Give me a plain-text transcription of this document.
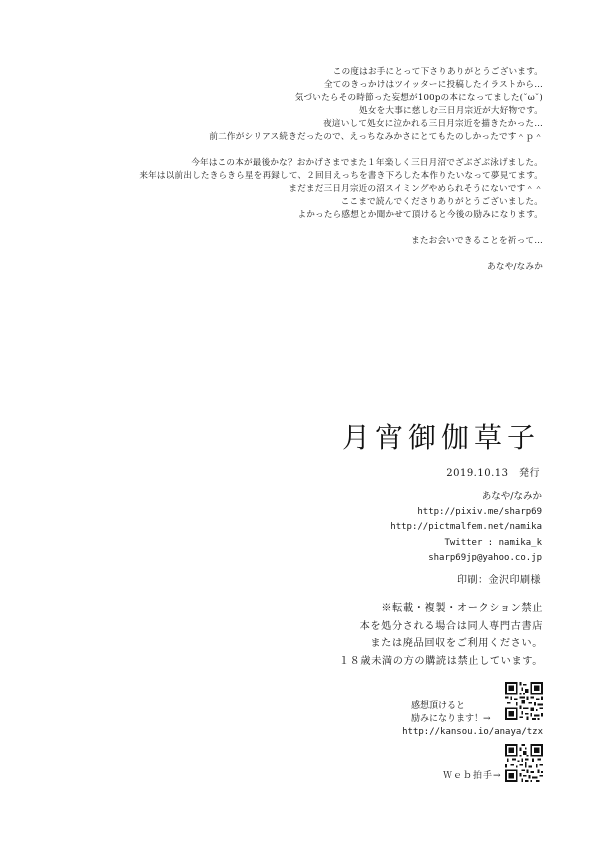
この度はお手にとって下さりありがとうございます。
全てのきっかけはツイッターに投稿したイラストから…
気づいたらその時節った妄想が100pの本になってました(˘ω˘)
処女を大事に慈しむ三日月宗近が大好物です。
夜這いして処女に泣かれる三日月宗近を描きたかった…
前二作がシリアス続きだったので、えっちなみかさにとてもたのしかったです＾ｐ＾
今年はこの本が最後かな？おかげさまでまた１年楽しく三日月沼でざぶざぶ泳げました。
来年は以前出したきらきら星を再録して、２回目えっちを書き下ろした本作りたいなって夢見てます。
まだまだ三日月宗近の沼スイミングやめられそうにないです＾＾
ここまで読んでくださりありがとうございました。
よかったら感想とか聞かせて頂けると今後の励みになります。
またお会いできることを祈って…
あなや/なみか
月宵御伽草子
2019.10.13　発行
あなや/なみか
http://pixiv.me/sharp69
http://pictmalfem.net/namika
Twitter : namika_k
sharp69jp@yahoo.co.jp
印刷：金沢印刷様
※転載・複製・オークション禁止
本を処分される場合は同人専門古書店
または廃品回収をご利用ください。
１８歳未満の方の購読は禁止しています。
感想頂けると
励みになります！→
http://kansou.io/anaya/tzx
Ｗｅｂ拍手→
